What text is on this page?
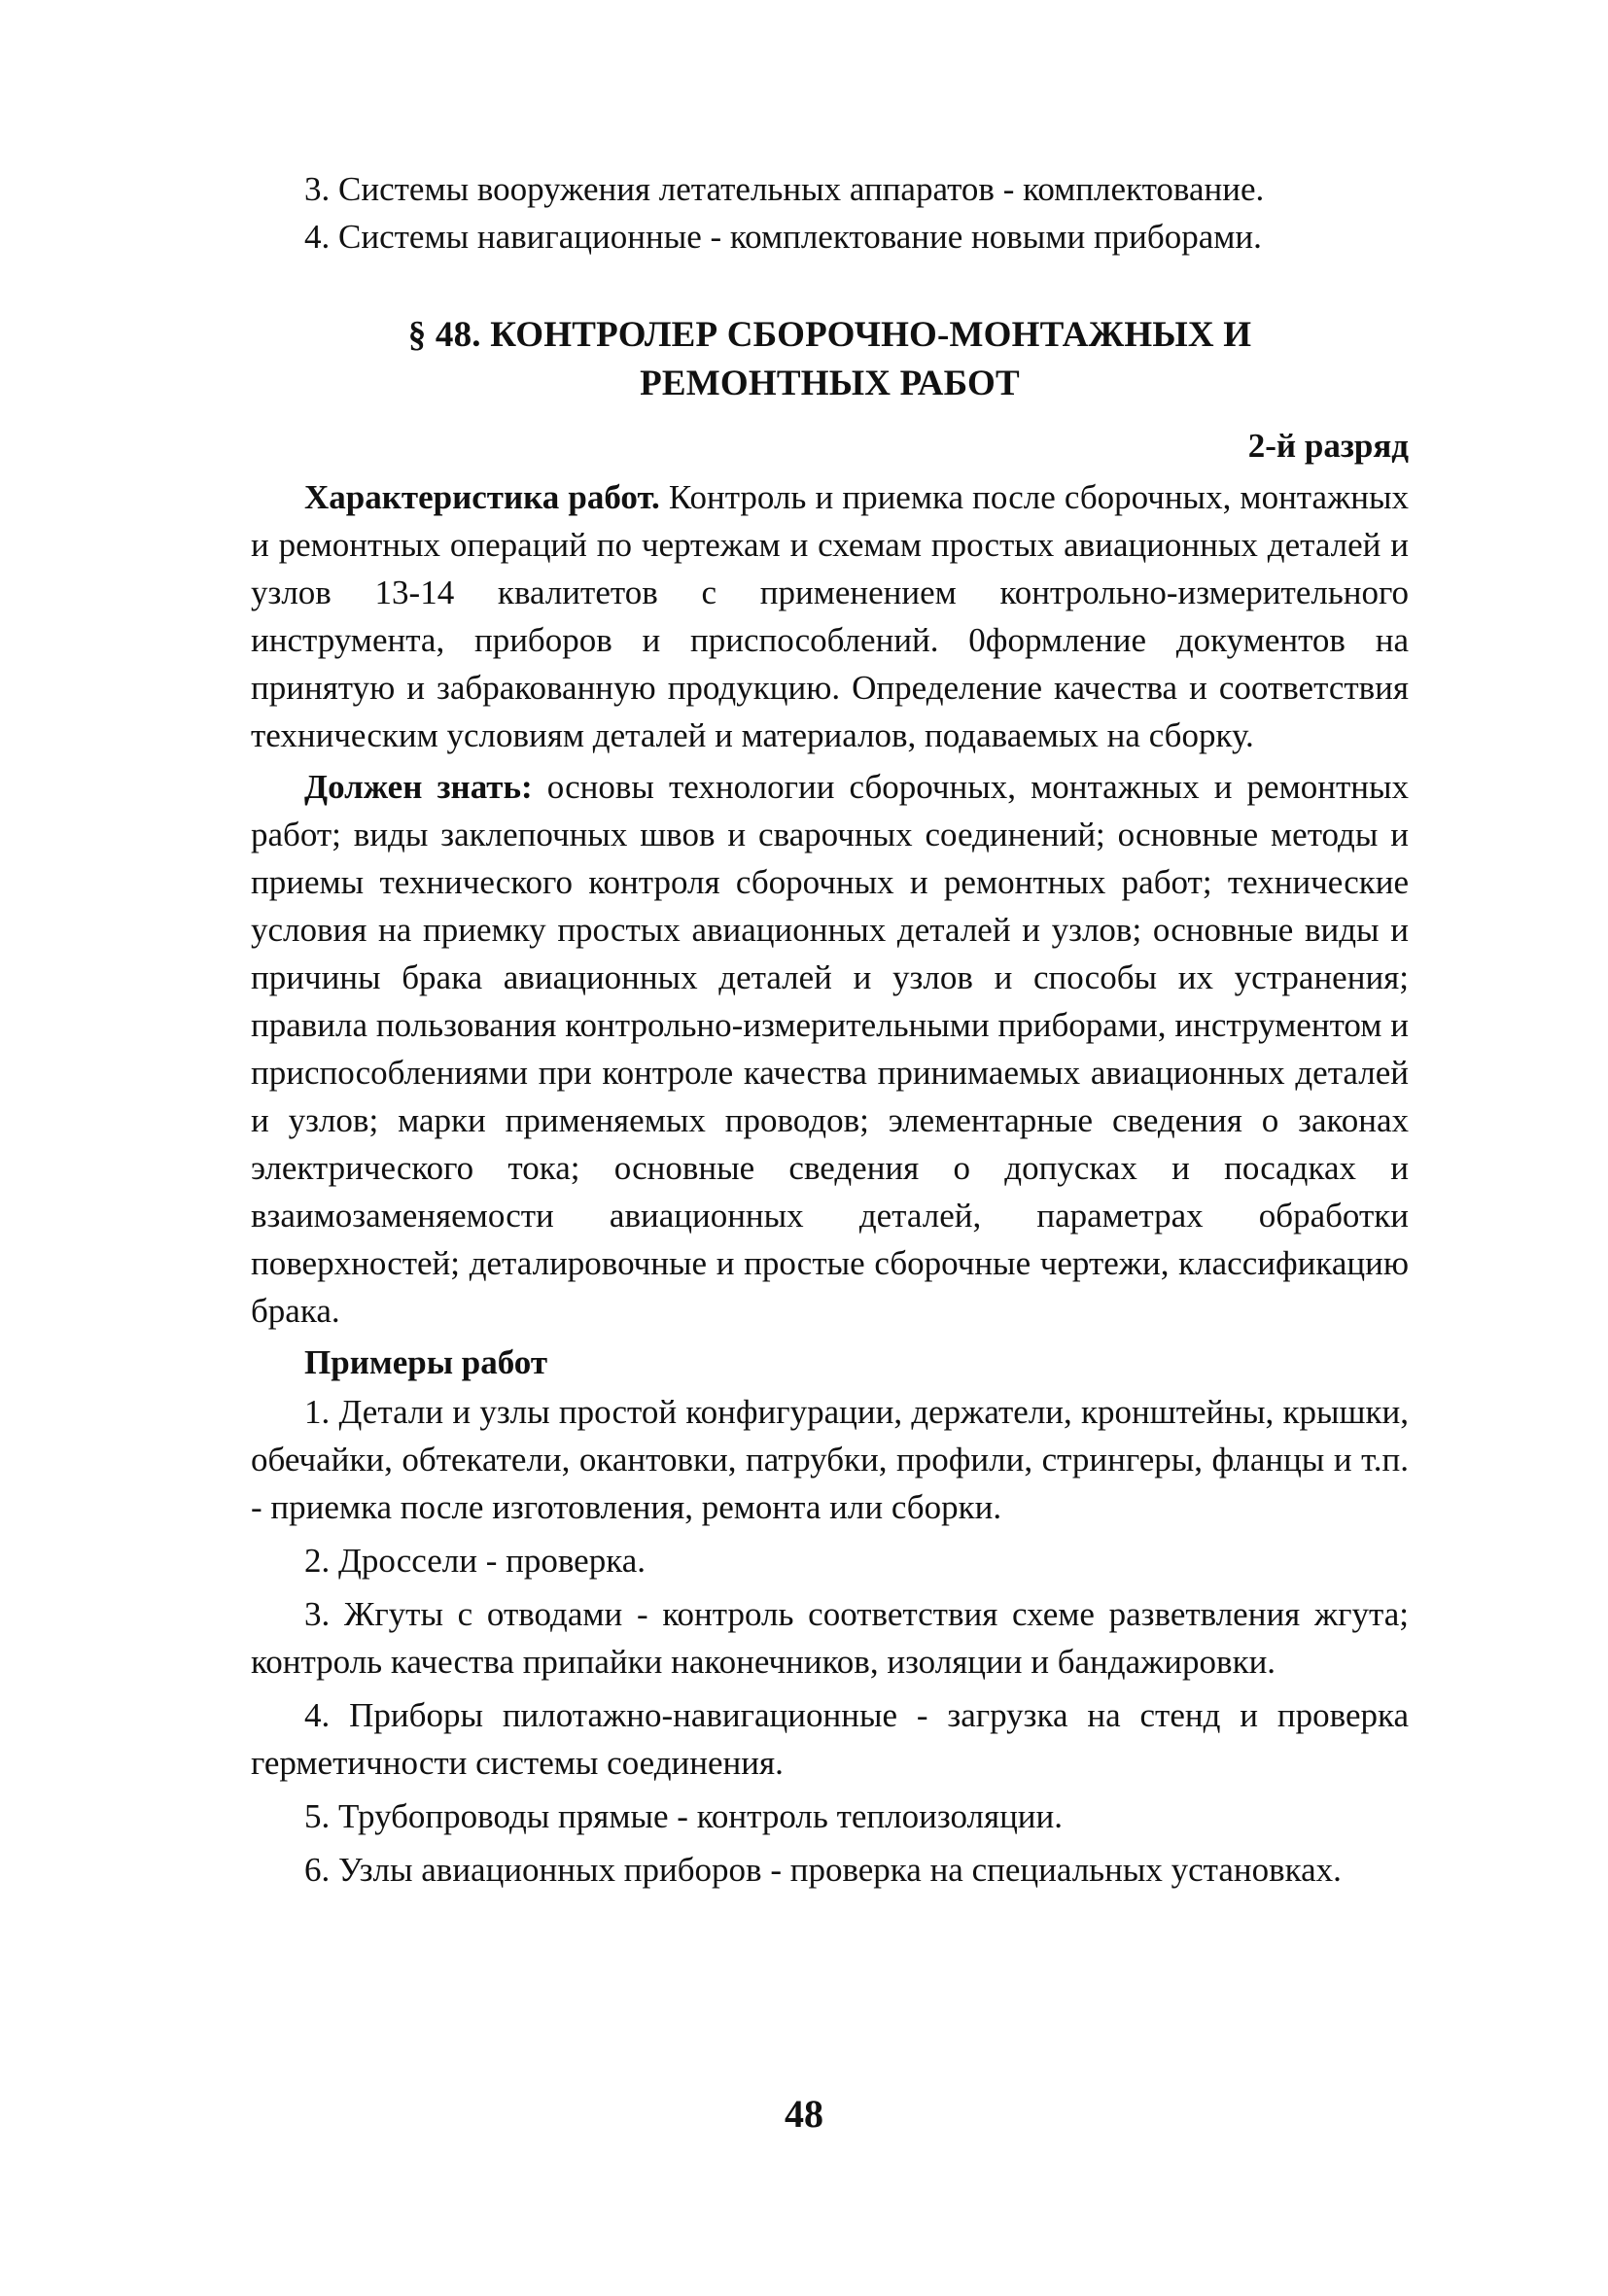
3. Системы вооружения летательных аппаратов - комплектование.

4. Системы навигационные - комплектование новыми приборами.

§ 48. КОНТРОЛЕР СБОРОЧНО-МОНТАЖНЫХ И
РЕМОНТНЫХ РАБОТ
2-й разряд

Характеристика работ. Контроль и приемка после сборочных, монтажных и ремонтных операций по чертежам и схемам простых авиационных деталей и узлов 13-14 квалитетов с применением контрольно-измерительного инструмента, приборов и приспособлений. 0формление документов на принятую и забракованную продукцию. Определение качества и соответствия техническим условиям деталей и материалов, подаваемых на сборку.

Должен знать: основы технологии сборочных, монтажных и ремонтных работ; виды заклепочных швов и сварочных соединений; основные методы и приемы технического контроля сборочных и ремонтных работ; технические условия на приемку простых авиационных деталей и узлов; основные виды и причины брака авиационных деталей и узлов и способы их устранения; правила пользования контрольно-измерительными приборами, инструментом и приспособлениями при контроле качества принимаемых авиационных деталей и узлов; марки применяемых проводов; элементарные сведения о законах электрического тока; основные сведения о допусках и посадках и взаимозаменяемости авиационных деталей, параметрах обработки поверхностей; деталировочные и простые сборочные чертежи, классификацию брака.

Примеры работ

1. Детали и узлы простой конфигурации, держатели, кронштейны, крышки, обечайки, обтекатели, окантовки, патрубки, профили, стрингеры, фланцы и т.п. - приемка после изготовления, ремонта или сборки.

2. Дроссели - проверка.

3. Жгуты с отводами - контроль соответствия схеме разветвления жгута; контроль качества припайки наконечников, изоляции и бандажировки.

4. Приборы пилотажно-навигационные - загрузка на стенд и проверка герметичности системы соединения.

5. Трубопроводы прямые - контроль теплоизоляции.

6. Узлы авиационных приборов - проверка на специальных установках.

48
